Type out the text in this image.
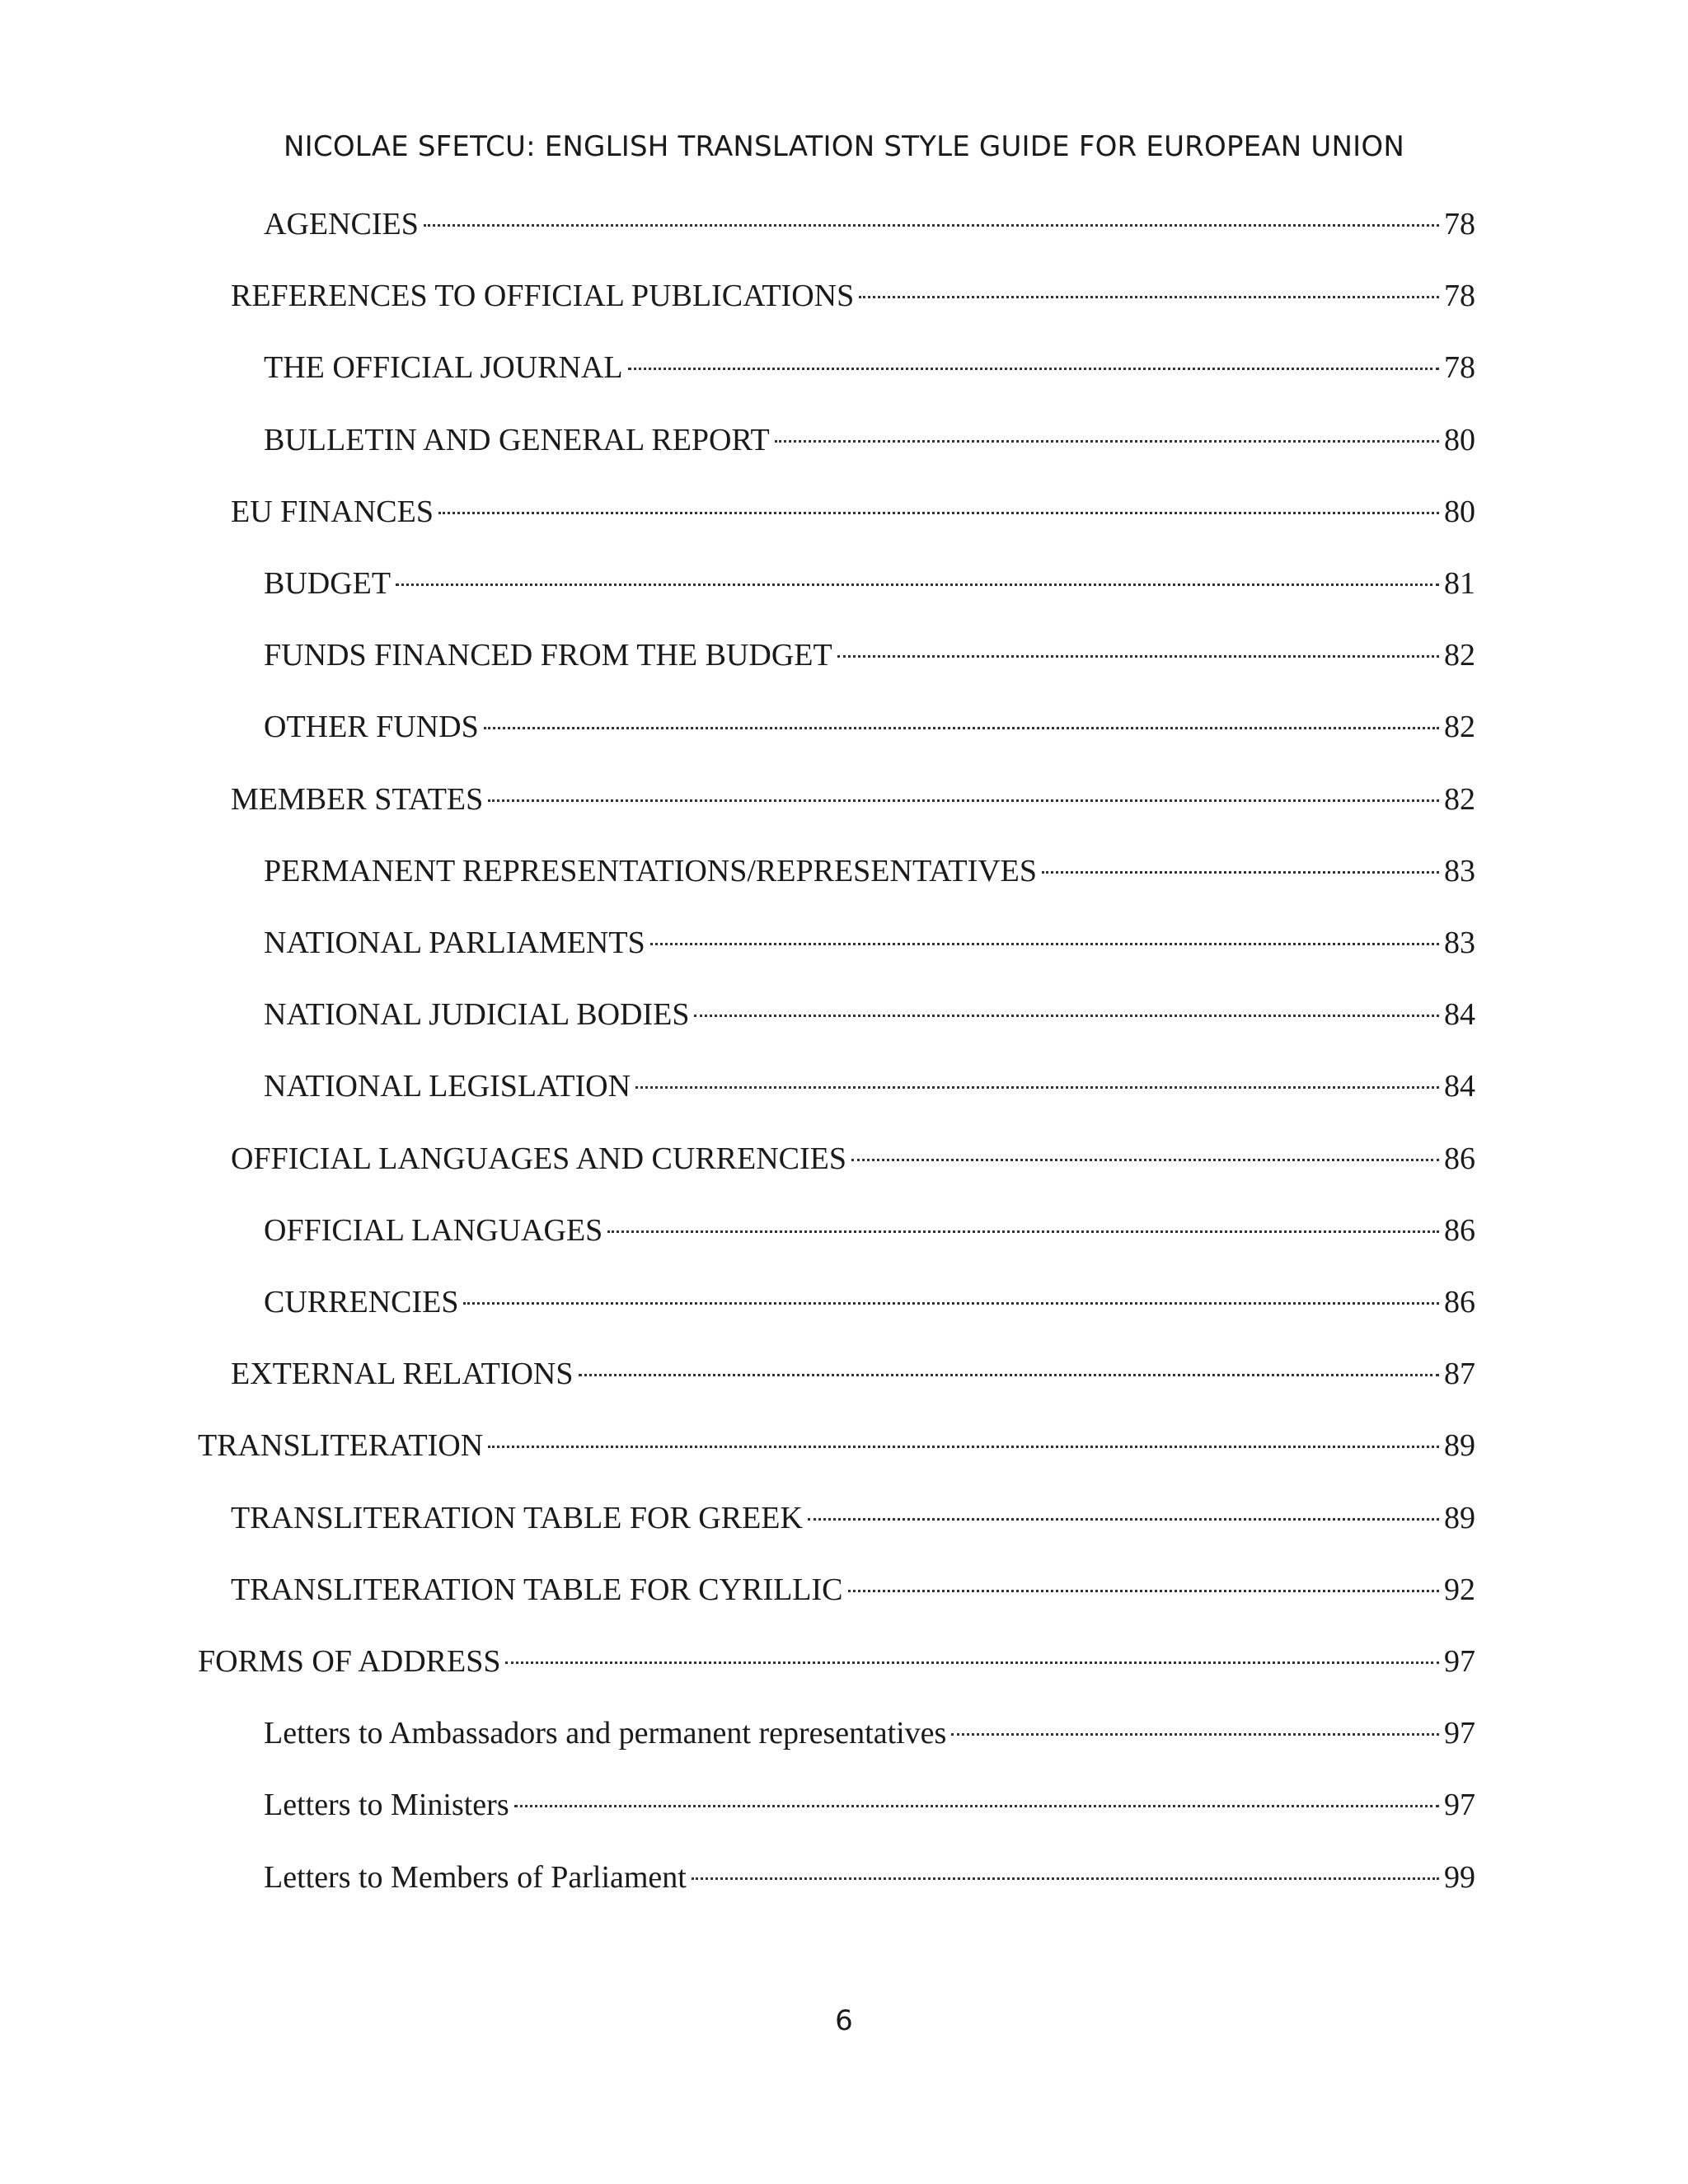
NICOLAE SFETCU: ENGLISH TRANSLATION STYLE GUIDE FOR EUROPEAN UNION
AGENCIES	78
REFERENCES TO OFFICIAL PUBLICATIONS	78
THE OFFICIAL JOURNAL	78
BULLETIN AND GENERAL REPORT	80
EU FINANCES	80
BUDGET	81
FUNDS FINANCED FROM THE BUDGET	82
OTHER FUNDS	82
MEMBER STATES	82
PERMANENT REPRESENTATIONS/REPRESENTATIVES	83
NATIONAL PARLIAMENTS	83
NATIONAL JUDICIAL BODIES	84
NATIONAL LEGISLATION	84
OFFICIAL LANGUAGES AND CURRENCIES	86
OFFICIAL LANGUAGES	86
CURRENCIES	86
EXTERNAL RELATIONS	87
TRANSLITERATION	89
TRANSLITERATION TABLE FOR GREEK	89
TRANSLITERATION TABLE FOR CYRILLIC	92
FORMS OF ADDRESS	97
Letters to Ambassadors and permanent representatives	97
Letters to Ministers	97
Letters to Members of Parliament	99
6
